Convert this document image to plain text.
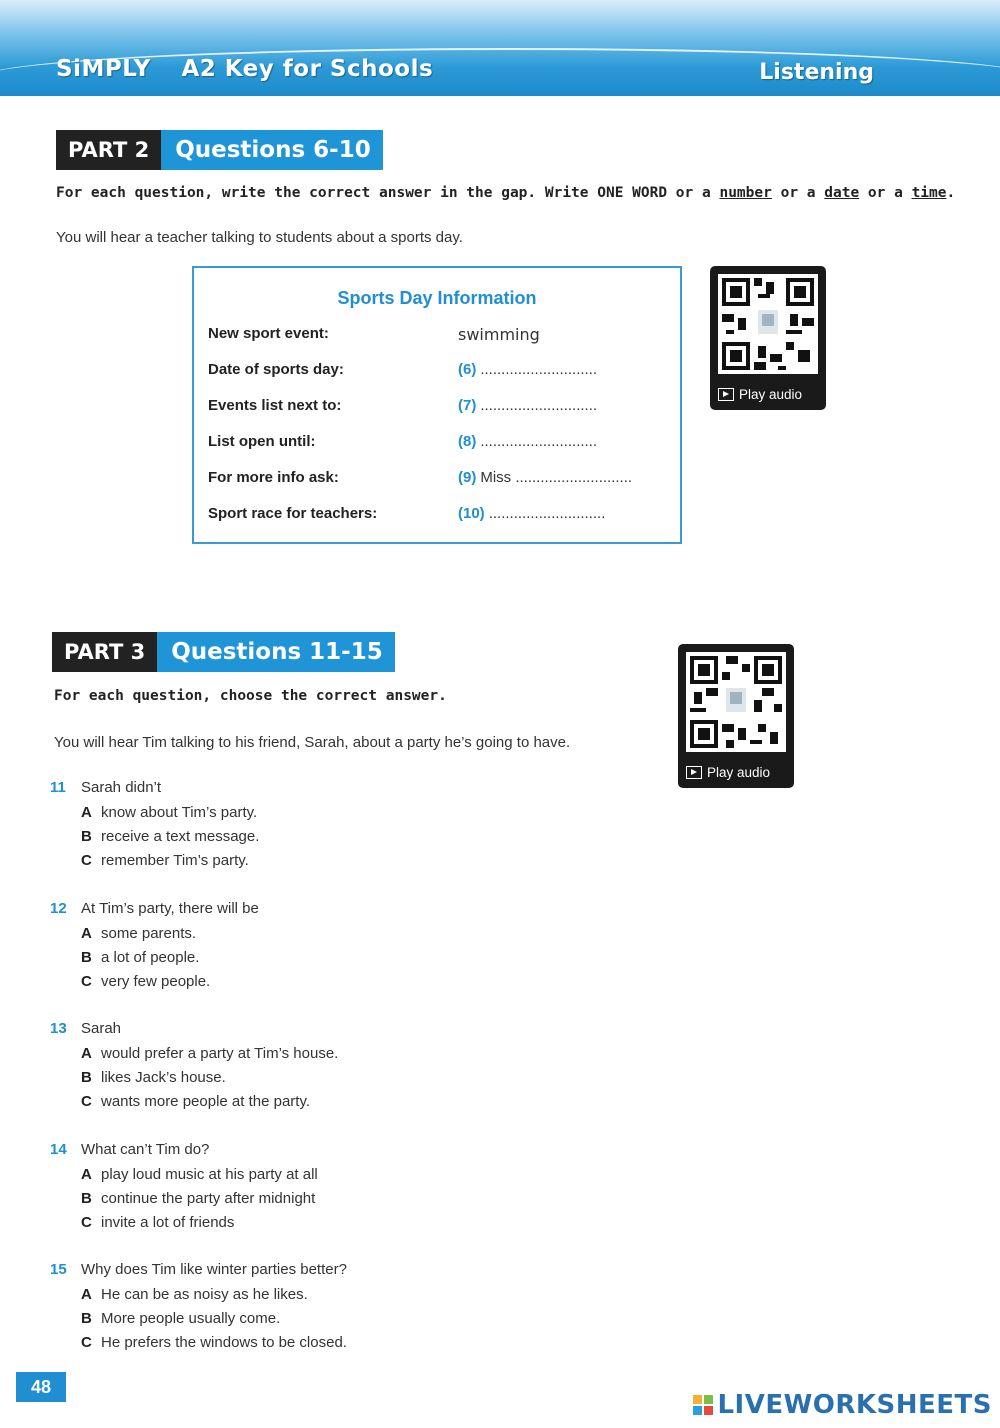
SiMPLY A2 Key for Schools	Listening
PART 2	Questions 6-10
For each question, write the correct answer in the gap. Write ONE WORD or a number or a date or a time.
You will hear a teacher talking to students about a sports day.
Sports Day Information
New sport event:	swimming
Date of sports day:	(6) ............................
Events list next to:	(7) ............................
List open until:	(8) ............................
For more info ask:	(9) Miss ............................
Sport race for teachers:	(10) ............................
Play audio
PART 3	Questions 11-15
For each question, choose the correct answer.
You will hear Tim talking to his friend, Sarah, about a party he’s going to have.
Play audio
11	Sarah didn’t
A know about Tim’s party.
B receive a text message.
C remember Tim’s party.
12 At Tim’s party, there will be
A some parents.
B a lot of people.
C very few people.
13 Sarah
A would prefer a party at Tim’s house.
B likes Jack’s house.
C wants more people at the party.
14 What can’t Tim do?
A play loud music at his party at all
B continue the party after midnight
C invite a lot of friends
15 Why does Tim like winter parties better?
A He can be as noisy as he likes.
B More people usually come.
C He prefers the windows to be closed.
48
LIVEWORKSHEETS
